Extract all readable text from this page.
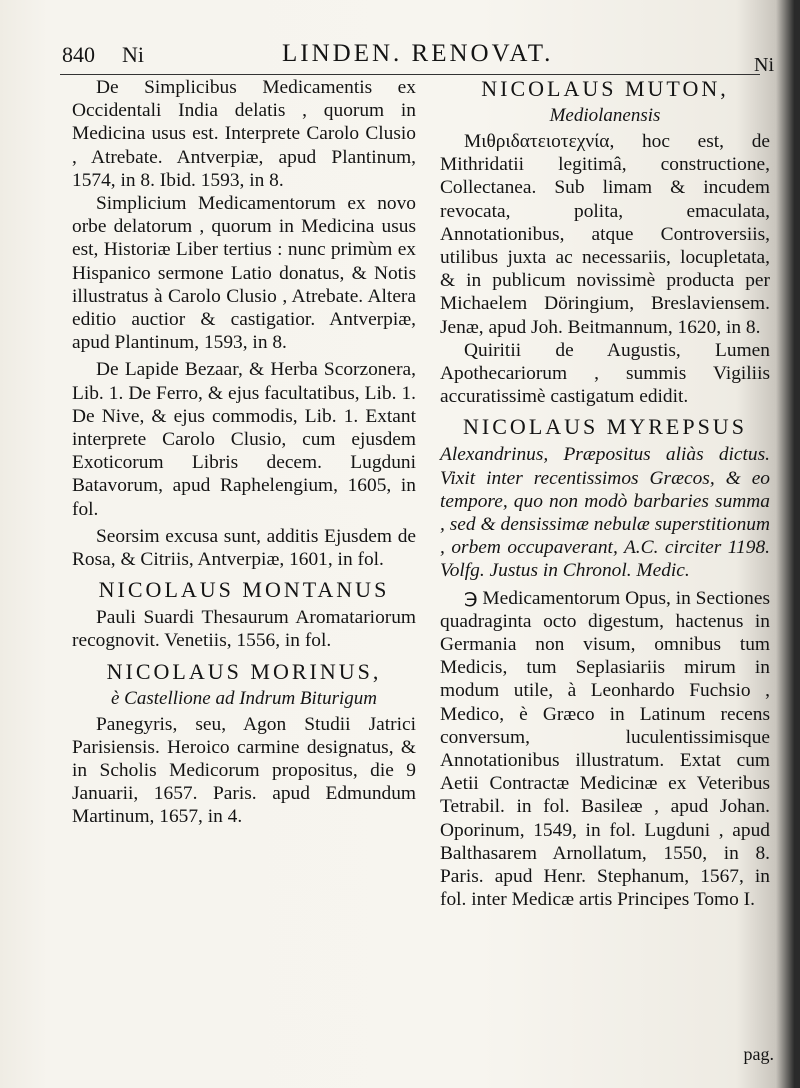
840 Ni	LINDEN. RENOVAT.	Ni

De Simplicibus Medicamentis ex Occidentali India delatis , quorum in Medicina usus est. Interprete Carolo Clusio , Atrebate. Antverpiæ, apud Plantinum, 1574, in 8. Ibid. 1593, in 8.

Simplicium Medicamentorum ex novo orbe delatorum , quorum in Medicina usus est, Historiæ Liber tertius : nunc primùm ex Hispanico sermone Latio donatus, & Notis illustratus à Carolo Clusio , Atrebate. Altera editio auctior & castigatior. Antverpiæ, apud Plantinum, 1593, in 8.

De Lapide Bezaar, & Herba Scorzonera, Lib. 1. De Ferro, & ejus facultatibus, Lib. 1. De Nive, & ejus commodis, Lib. 1. Extant interprete Carolo Clusio, cum ejusdem Exoticorum Libris decem. Lugduni Batavorum, apud Raphelengium, 1605, in fol.

Seorsim excusa sunt, additis Ejusdem de Rosa, & Citriis, Antverpiæ, 1601, in fol.

NICOLAUS MONTANUS

Pauli Suardi Thesaurum Aromatariorum recognovit. Venetiis, 1556, in fol.

NICOLAUS MORINUS,
è Castellione ad Indrum Biturigum

Panegyris, seu, Agon Studii Jatrici Parisiensis. Heroico carmine designatus, & in Scholis Medicorum propositus, die 9 Januarii, 1657. Paris. apud Edmundum Martinum, 1657, in 4.

NICOLAUS MUTON,
Mediolanensis

Μιθριδατειοτεχνία, hoc est, de Mithridatii legitimâ, constructione, Collectanea. Sub limam & incudem revocata, polita, emaculata, Annotationibus, atque Controversiis, utilibus juxta ac necessariis, locupletata, & in publicum novissimè producta per Michaelem Döringium, Breslaviensem. Jenæ, apud Joh. Beitmannum, 1620, in 8.

Quiritii de Augustis, Lumen Apothecariorum , summis Vigiliis accuratissimè castigatum edidit.

NICOLAUS MYREPSUS

Alexandrinus, Præpositus aliàs dictus. Vixit inter recentissimos Græcos, & eo tempore, quo non modò barbaries summa , sed & densissimæ nebulæ superstitionum , orbem occupaverant, A.C. circiter 1198. Volfg. Justus in Chronol. Medic.

℈ Medicamentorum Opus, in Sectiones quadraginta octo digestum, hactenus in Germania non visum, omnibus tum Medicis, tum Seplasiariis mirum in modum utile, à Leonhardo Fuchsio , Medico, è Græco in Latinum recens conversum, luculentissimisque Annotationibus illustratum. Extat cum Aetii Contractæ Medicinæ ex Veteribus Tetrabil. in fol. Basileæ , apud Johan. Oporinum, 1549, in fol. Lugduni , apud Balthasarem Arnollatum, 1550, in 8. Paris. apud Henr. Stephanum, 1567, in fol. inter Medicæ artis Principes Tomo I.

pag.
